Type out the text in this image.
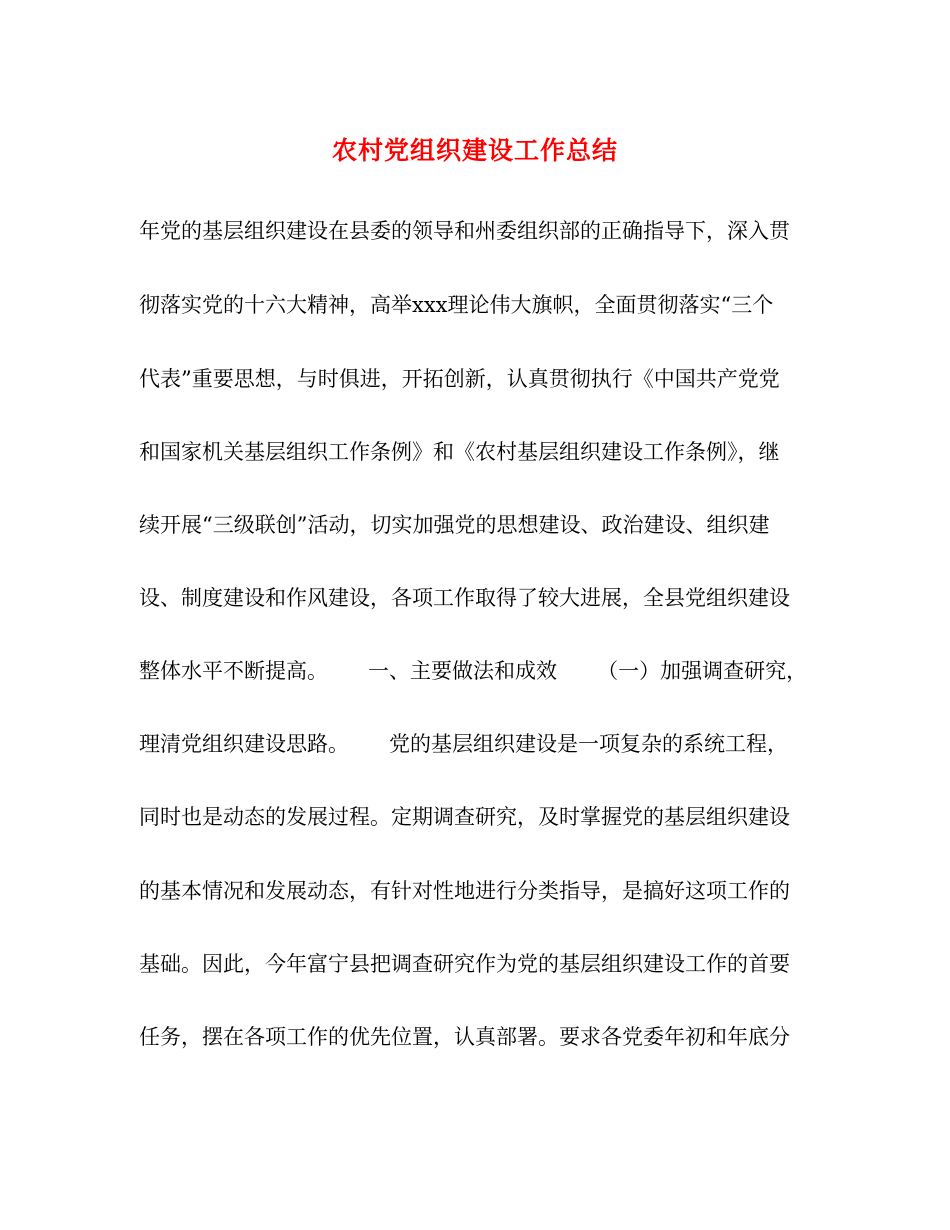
农村党组织建设工作总结
年党的基层组织建设在县委的领导和州委组织部的正确指导下，深入贯
彻落实党的十六大精神，高举xxx理论伟大旗帜，全面贯彻落实“三个
代表”重要思想，与时俱进，开拓创新，认真贯彻执行《中国共产党党
和国家机关基层组织工作条例》和《农村基层组织建设工作条例》，继
续开展“三级联创”活动，切实加强党的思想建设、政治建设、组织建
设、制度建设和作风建设，各项工作取得了较大进展，全县党组织建设
整体水平不断提高。      一、主要做法和成效      （一）加强调查研究，
理清党组织建设思路。      党的基层组织建设是一项复杂的系统工程，
同时也是动态的发展过程。定期调查研究，及时掌握党的基层组织建设
的基本情况和发展动态，有针对性地进行分类指导，是搞好这项工作的
基础。因此，今年富宁县把调查研究作为党的基层组织建设工作的首要
任务，摆在各项工作的优先位置，认真部署。要求各党委年初和年底分
